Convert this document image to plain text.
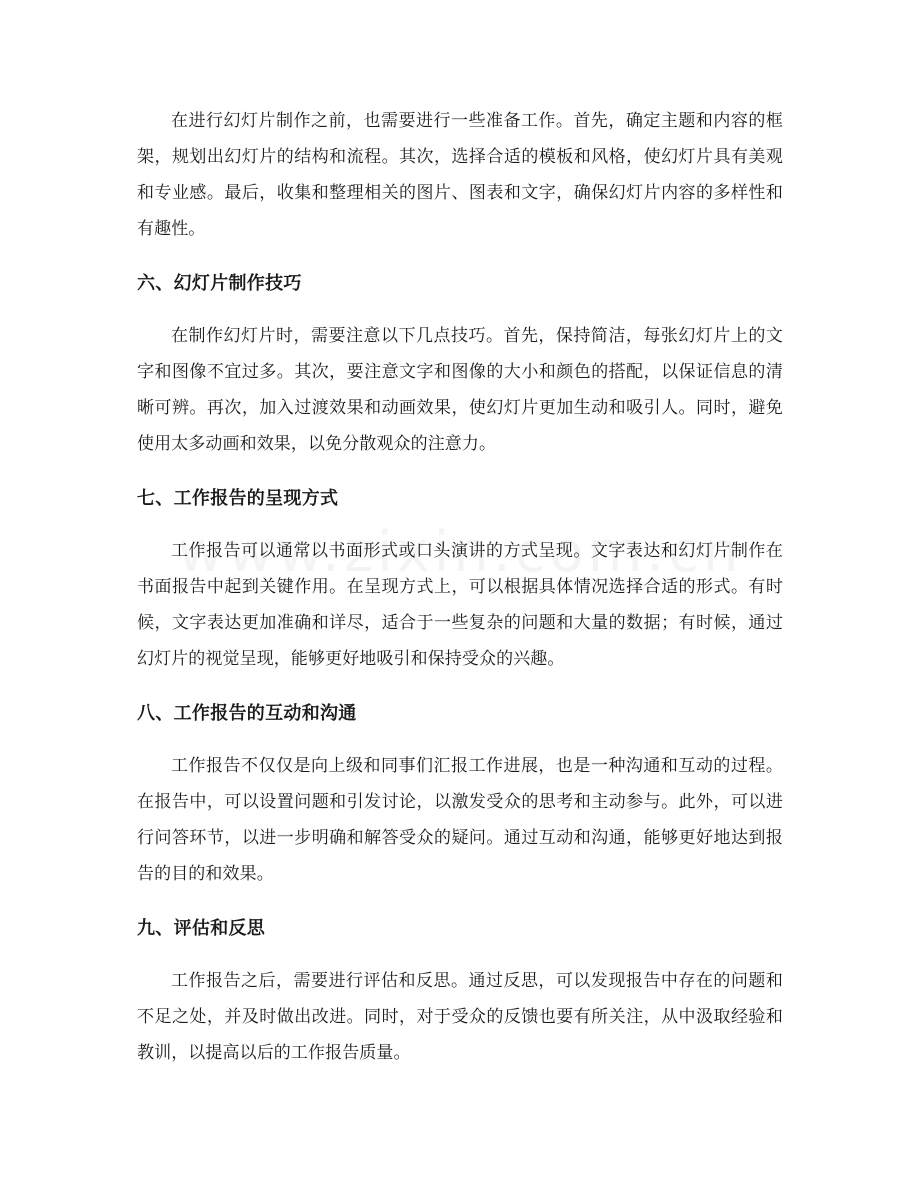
在进行幻灯片制作之前，也需要进行一些准备工作。首先，确定主题和内容的框架，规划出幻灯片的结构和流程。其次，选择合适的模板和风格，使幻灯片具有美观和专业感。最后，收集和整理相关的图片、图表和文字，确保幻灯片内容的多样性和有趣性。

六、幻灯片制作技巧

在制作幻灯片时，需要注意以下几点技巧。首先，保持简洁，每张幻灯片上的文字和图像不宜过多。其次，要注意文字和图像的大小和颜色的搭配，以保证信息的清晰可辨。再次，加入过渡效果和动画效果，使幻灯片更加生动和吸引人。同时，避免使用太多动画和效果，以免分散观众的注意力。

七、工作报告的呈现方式

工作报告可以通常以书面形式或口头演讲的方式呈现。文字表达和幻灯片制作在书面报告中起到关键作用。在呈现方式上，可以根据具体情况选择合适的形式。有时候，文字表达更加准确和详尽，适合于一些复杂的问题和大量的数据；有时候，通过幻灯片的视觉呈现，能够更好地吸引和保持受众的兴趣。

八、工作报告的互动和沟通

工作报告不仅仅是向上级和同事们汇报工作进展，也是一种沟通和互动的过程。在报告中，可以设置问题和引发讨论，以激发受众的思考和主动参与。此外，可以进行问答环节，以进一步明确和解答受众的疑问。通过互动和沟通，能够更好地达到报告的目的和效果。

九、评估和反思

工作报告之后，需要进行评估和反思。通过反思，可以发现报告中存在的问题和不足之处，并及时做出改进。同时，对于受众的反馈也要有所关注，从中汲取经验和教训，以提高以后的工作报告质量。
